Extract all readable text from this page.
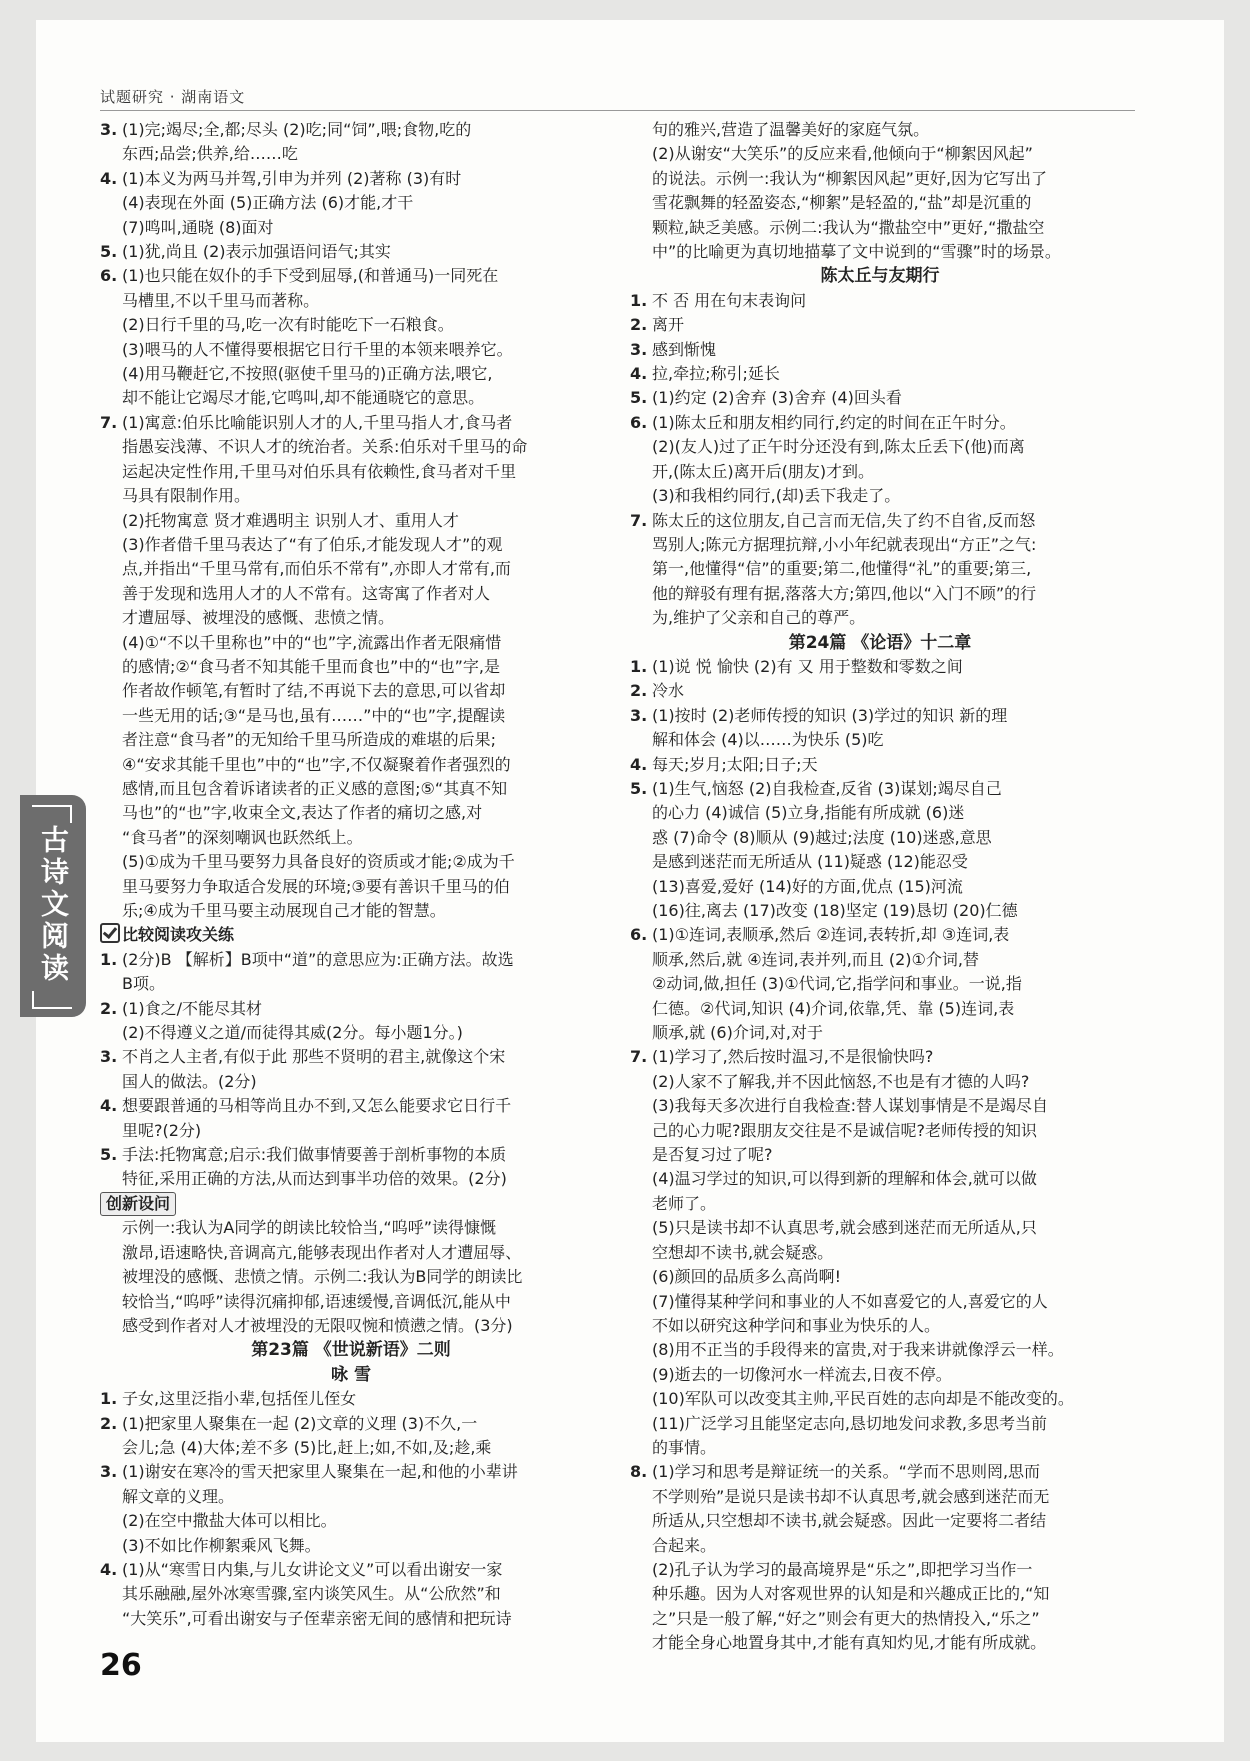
试题研究 · 湖南语文
古诗文阅读
3. (1)完;竭尽;全,都;尽头 (2)吃;同“饲”,喂;食物,吃的
东西;品尝;供养,给……吃
4. (1)本义为两马并驾,引申为并列 (2)著称 (3)有时
(4)表现在外面 (5)正确方法 (6)才能,才干
(7)鸣叫,通晓 (8)面对
5. (1)犹,尚且 (2)表示加强语问语气;其实
6. (1)也只能在奴仆的手下受到屈辱,(和普通马)一同死在
马槽里,不以千里马而著称。
(2)日行千里的马,吃一次有时能吃下一石粮食。
(3)喂马的人不懂得要根据它日行千里的本领来喂养它。
(4)用马鞭赶它,不按照(驱使千里马的)正确方法,喂它,
却不能让它竭尽才能,它鸣叫,却不能通晓它的意思。
7. (1)寓意:伯乐比喻能识别人才的人,千里马指人才,食马者
指愚妄浅薄、不识人才的统治者。关系:伯乐对千里马的命
运起决定性作用,千里马对伯乐具有依赖性,食马者对千里
马具有限制作用。
(2)托物寓意 贤才难遇明主 识别人才、重用人才
(3)作者借千里马表达了“有了伯乐,才能发现人才”的观
点,并指出“千里马常有,而伯乐不常有”,亦即人才常有,而
善于发现和选用人才的人不常有。这寄寓了作者对人
才遭屈辱、被埋没的感慨、悲愤之情。
(4)①“不以千里称也”中的“也”字,流露出作者无限痛惜
的感情;②“食马者不知其能千里而食也”中的“也”字,是
作者故作顿笔,有暂时了结,不再说下去的意思,可以省却
一些无用的话;③“是马也,虽有……”中的“也”字,提醒读
者注意“食马者”的无知给千里马所造成的难堪的后果;
④“安求其能千里也”中的“也”字,不仅凝聚着作者强烈的
感情,而且包含着诉诸读者的正义感的意图;⑤“其真不知
马也”的“也”字,收束全文,表达了作者的痛切之感,对
“食马者”的深刻嘲讽也跃然纸上。
(5)①成为千里马要努力具备良好的资质或才能;②成为千
里马要努力争取适合发展的环境;③要有善识千里马的伯
乐;④成为千里马要主动展现自己才能的智慧。
比较阅读攻关练
1. (2分)B 【解析】B项中“道”的意思应为:正确方法。故选
B项。
2. (1)食之/不能尽其材
(2)不得遵义之道/而徒得其威(2分。每小题1分。)
3. 不肖之人主者,有似于此 那些不贤明的君主,就像这个宋
国人的做法。(2分)
4. 想要跟普通的马相等尚且办不到,又怎么能要求它日行千
里呢?(2分)
5. 手法:托物寓意;启示:我们做事情要善于剖析事物的本质
特征,采用正确的方法,从而达到事半功倍的效果。(2分)
创新设问
示例一:我认为A同学的朗读比较恰当,“呜呼”读得慷慨
激昂,语速略快,音调高亢,能够表现出作者对人才遭屈辱、
被埋没的感慨、悲愤之情。示例二:我认为B同学的朗读比
较恰当,“呜呼”读得沉痛抑郁,语速缓慢,音调低沉,能从中
感受到作者对人才被埋没的无限叹惋和愤懑之情。(3分)
第23篇 《世说新语》二则
咏 雪
1. 子女,这里泛指小辈,包括侄儿侄女
2. (1)把家里人聚集在一起 (2)文章的义理 (3)不久,一
会儿;急 (4)大体;差不多 (5)比,赶上;如,不如,及;趁,乘
3. (1)谢安在寒冷的雪天把家里人聚集在一起,和他的小辈讲
解文章的义理。
(2)在空中撒盐大体可以相比。
(3)不如比作柳絮乘风飞舞。
4. (1)从“寒雪日内集,与儿女讲论文义”可以看出谢安一家
其乐融融,屋外冰寒雪骤,室内谈笑风生。从“公欣然”和
“大笑乐”,可看出谢安与子侄辈亲密无间的感情和把玩诗
句的雅兴,营造了温馨美好的家庭气氛。
(2)从谢安“大笑乐”的反应来看,他倾向于“柳絮因风起”
的说法。示例一:我认为“柳絮因风起”更好,因为它写出了
雪花飘舞的轻盈姿态,“柳絮”是轻盈的,“盐”却是沉重的
颗粒,缺乏美感。示例二:我认为“撒盐空中”更好,“撒盐空
中”的比喻更为真切地描摹了文中说到的“雪骤”时的场景。
陈太丘与友期行
1. 不 否 用在句末表询问
2. 离开
3. 感到惭愧
4. 拉,牵拉;称引;延长
5. (1)约定 (2)舍弃 (3)舍弃 (4)回头看
6. (1)陈太丘和朋友相约同行,约定的时间在正午时分。
(2)(友人)过了正午时分还没有到,陈太丘丢下(他)而离
开,(陈太丘)离开后(朋友)才到。
(3)和我相约同行,(却)丢下我走了。
7. 陈太丘的这位朋友,自己言而无信,失了约不自省,反而怒
骂别人;陈元方据理抗辩,小小年纪就表现出“方正”之气:
第一,他懂得“信”的重要;第二,他懂得“礼”的重要;第三,
他的辩驳有理有据,落落大方;第四,他以“入门不顾”的行
为,维护了父亲和自己的尊严。
第24篇 《论语》十二章
1. (1)说 悦 愉快 (2)有 又 用于整数和零数之间
2. 冷水
3. (1)按时 (2)老师传授的知识 (3)学过的知识 新的理
解和体会 (4)以……为快乐 (5)吃
4. 每天;岁月;太阳;日子;天
5. (1)生气,恼怒 (2)自我检查,反省 (3)谋划;竭尽自己
的心力 (4)诚信 (5)立身,指能有所成就 (6)迷
惑 (7)命令 (8)顺从 (9)越过;法度 (10)迷惑,意思
是感到迷茫而无所适从 (11)疑惑 (12)能忍受
(13)喜爱,爱好 (14)好的方面,优点 (15)河流
(16)往,离去 (17)改变 (18)坚定 (19)恳切 (20)仁德
6. (1)①连词,表顺承,然后 ②连词,表转折,却 ③连词,表
顺承,然后,就 ④连词,表并列,而且 (2)①介词,替
②动词,做,担任 (3)①代词,它,指学问和事业。一说,指
仁德。②代词,知识 (4)介词,依靠,凭、靠 (5)连词,表
顺承,就 (6)介词,对,对于
7. (1)学习了,然后按时温习,不是很愉快吗?
(2)人家不了解我,并不因此恼怒,不也是有才德的人吗?
(3)我每天多次进行自我检查:替人谋划事情是不是竭尽自
己的心力呢?跟朋友交往是不是诚信呢?老师传授的知识
是否复习过了呢?
(4)温习学过的知识,可以得到新的理解和体会,就可以做
老师了。
(5)只是读书却不认真思考,就会感到迷茫而无所适从,只
空想却不读书,就会疑惑。
(6)颜回的品质多么高尚啊!
(7)懂得某种学问和事业的人不如喜爱它的人,喜爱它的人
不如以研究这种学问和事业为快乐的人。
(8)用不正当的手段得来的富贵,对于我来讲就像浮云一样。
(9)逝去的一切像河水一样流去,日夜不停。
(10)军队可以改变其主帅,平民百姓的志向却是不能改变的。
(11)广泛学习且能坚定志向,恳切地发问求教,多思考当前
的事情。
8. (1)学习和思考是辩证统一的关系。“学而不思则罔,思而
不学则殆”是说只是读书却不认真思考,就会感到迷茫而无
所适从,只空想却不读书,就会疑惑。因此一定要将二者结
合起来。
(2)孔子认为学习的最高境界是“乐之”,即把学习当作一
种乐趣。因为人对客观世界的认知是和兴趣成正比的,“知
之”只是一般了解,“好之”则会有更大的热情投入,“乐之”
才能全身心地置身其中,才能有真知灼见,才能有所成就。
26
